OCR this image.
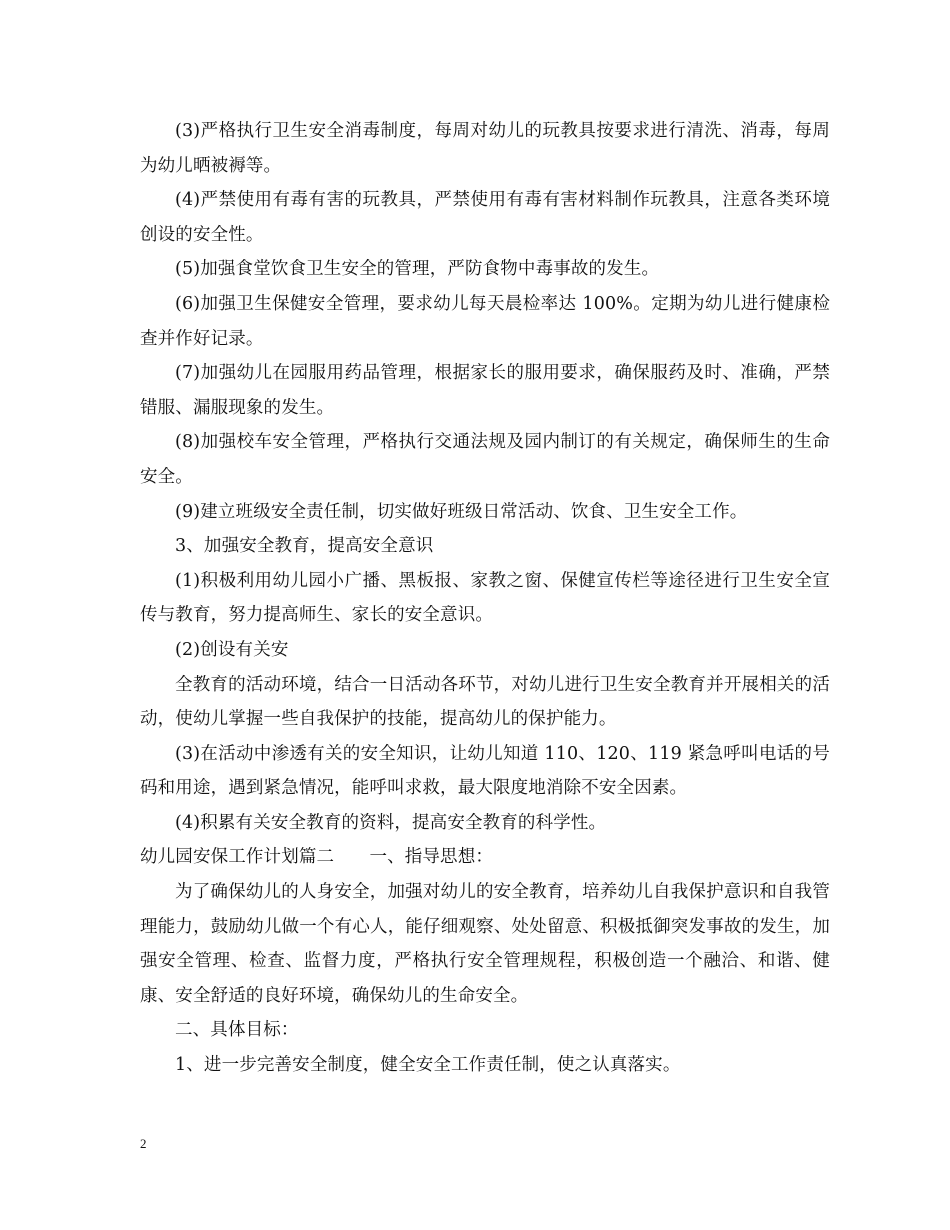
(3)严格执行卫生安全消毒制度，每周对幼儿的玩教具按要求进行清洗、消毒，每周为幼儿晒被褥等。

(4)严禁使用有毒有害的玩教具，严禁使用有毒有害材料制作玩教具，注意各类环境创设的安全性。

(5)加强食堂饮食卫生安全的管理，严防食物中毒事故的发生。

(6)加强卫生保健安全管理，要求幼儿每天晨检率达 100%。定期为幼儿进行健康检查并作好记录。

(7)加强幼儿在园服用药品管理，根据家长的服用要求，确保服药及时、准确，严禁错服、漏服现象的发生。

(8)加强校车安全管理，严格执行交通法规及园内制订的有关规定，确保师生的生命安全。

(9)建立班级安全责任制，切实做好班级日常活动、饮食、卫生安全工作。

3、加强安全教育，提高安全意识

(1)积极利用幼儿园小广播、黑板报、家教之窗、保健宣传栏等途径进行卫生安全宣传与教育，努力提高师生、家长的安全意识。

(2)创设有关安

全教育的活动环境，结合一日活动各环节，对幼儿进行卫生安全教育并开展相关的活动，使幼儿掌握一些自我保护的技能，提高幼儿的保护能力。

(3)在活动中渗透有关的安全知识，让幼儿知道 110、120、119 紧急呼叫电话的号码和用途，遇到紧急情况，能呼叫求救，最大限度地消除不安全因素。

(4)积累有关安全教育的资料，提高安全教育的科学性。

幼儿园安保工作计划篇二　　一、指导思想：

为了确保幼儿的人身安全，加强对幼儿的安全教育，培养幼儿自我保护意识和自我管理能力，鼓励幼儿做一个有心人，能仔细观察、处处留意、积极抵御突发事故的发生，加强安全管理、检查、监督力度，严格执行安全管理规程，积极创造一个融洽、和谐、健康、安全舒适的良好环境，确保幼儿的生命安全。

二、具体目标：

1、进一步完善安全制度，健全安全工作责任制，使之认真落实。

2
